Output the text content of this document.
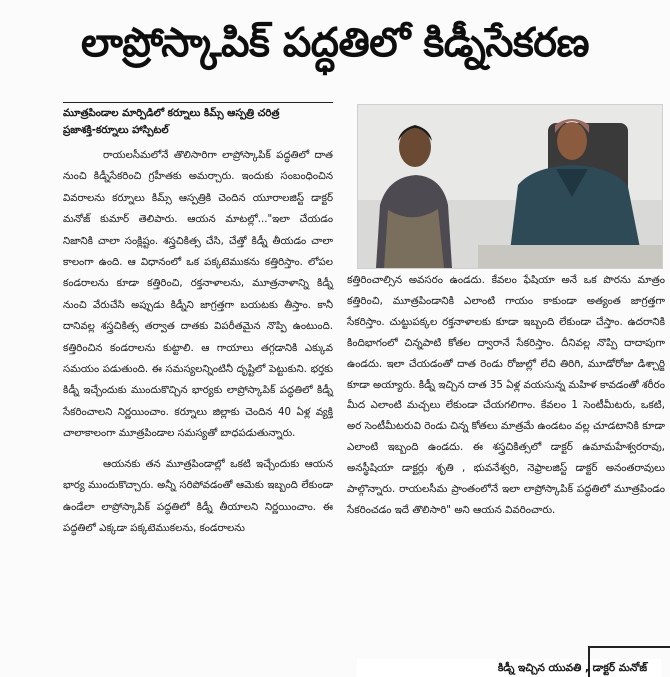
లాప్రోస్కాపిక్ పద్ధతిలో కిడ్నీసేకరణ
మూత్రపిండాల మార్పిడిలో కర్నూలు కిమ్స్ ఆస్పత్రి చరిత్ర
ప్రజాశక్తి-కర్నూలు హాస్పిటల్

రాయలసీమలోనే తొలిసారిగా లాప్రోస్కాపిక్ పద్ధతిలో దాత నుంచి కిడ్నీసేకరించి గ్రహీతకు అమర్చారు. ఇందుకు సంబంధించిన వివరాలను కర్నూలు కిమ్స్ ఆస్పత్రికి చెందిన యూరాలజిస్ట్ డాక్టర్ మనోజ్ కుమార్ తెలిపారు. ఆయన మాటల్లో..."ఇలా చేయడం నిజానికి చాలా సంక్లిష్టం. శస్త్రచికిత్స చేసి, చేత్తో కిడ్నీ తీయడం చాలా కాలంగా ఉంది. ఆ విధానంలో ఒక పక్కటెముకను కత్తిరిస్తాం. లోపల కండరాలను కూడా కత్తిరించి, రక్తనాళాలను, మూత్రనాళాన్ని కిడ్నీ నుంచి వేరుచేసి అప్పుడు కిడ్నీని జాగ్రత్తగా బయటకు తీస్తాం. కానీ దానివల్ల శస్త్రచికిత్స తర్వాత దాతకు విపరీతమైన నొప్పి ఉంటుంది. కత్తిరించిన కండరాలను కుట్టాలి. ఆ గాయాలు తగ్గడానికి ఎక్కువ సమయం పడుతుంది. ఈ సమస్యలన్నింటినీ దృష్టిలో పెట్టుకుని. భర్తకు కిడ్నీ ఇచ్చేందుకు ముందుకొచ్చిన భార్యకు లాప్రోస్కాపిక్ పద్ధతిలో కిడ్నీ సేకరించాలని నిర్ణయించాం. కర్నూలు జిల్లాకు చెందిన 40 ఏళ్ల వ్యక్తి చాలాకాలంగా మూత్రపిండాల సమస్యతో బాధపడుతున్నారు.

ఆయనకు తన మూత్రపిండాల్లో ఒకటి ఇచ్చేందుకు ఆయన భార్య ముందుకొచ్చారు. అన్నీ సరిపోవడంతో ఆమెకు ఇబ్బంది లేకుండా ఉండేలా లాప్రోస్కాపిక్ పద్ధతిలో కిడ్నీ తీయాలని నిర్ణయించాం. ఈ పద్ధతిలో ఎక్కడా పక్కటెముకలను, కండరాలను

కిడ్నీ ఇచ్చిన యువతి , డాక్టర్ మనోజ్

కత్తిరించాల్సిన అవసరం ఉండదు. కేవలం ఫేషియా అనే ఒక పొరను మాత్రం కత్తిరించి, మూత్రపిండానికి ఎలాంటి గాయం కాకుండా అత్యంత జాగ్రత్తగా సేకరిస్తాం. చుట్టుపక్కల రక్తనాళాలకు కూడా ఇబ్బంది లేకుండా చేస్తాం. ఉదరానికి కిందిభాగంలో చిన్నపాటి కోతల ద్వారానే సేకరిస్తాం. దీనివల్ల నొప్పి దాదాపుగా ఉండదు. ఇలా చేయడంతో దాత రెండు రోజుల్లో లేచి తిరిగి, మూడోరోజు డిశ్చార్జి కూడా అయ్యారు. కిడ్నీ ఇచ్చిన దాత 35 ఏళ్ల వయసున్న మహిళ కావడంతో శరీరం మీద ఎలాంటి మచ్చలు లేకుండా చేయగలిగాం. కేవలం 1 సెంటీమీటరు, ఒకటి, అర సెంటీమీటరువి రెండు చిన్న కోతలు మాత్రమే ఉండటం వల్ల చూడటానికి కూడా ఎలాంటి ఇబ్బంది ఉండదు. ఈ శస్త్రచికిత్సలో డాక్టర్ ఉమామహేశ్వరరావు, అనస్థీషియా డాక్టర్లు శృతి , భువనేశ్వరి, నెఫ్రాలజిస్ట్ డాక్టర్ అనంతరావులు పాల్గొన్నారు. రాయలసీమ ప్రాంతంలోనే ఇలా లాప్రోస్కాపిక్ పద్ధతిలో మూత్రపిండం సేకరించడం ఇదే తొలిసారి" అని ఆయన వివరించారు.
